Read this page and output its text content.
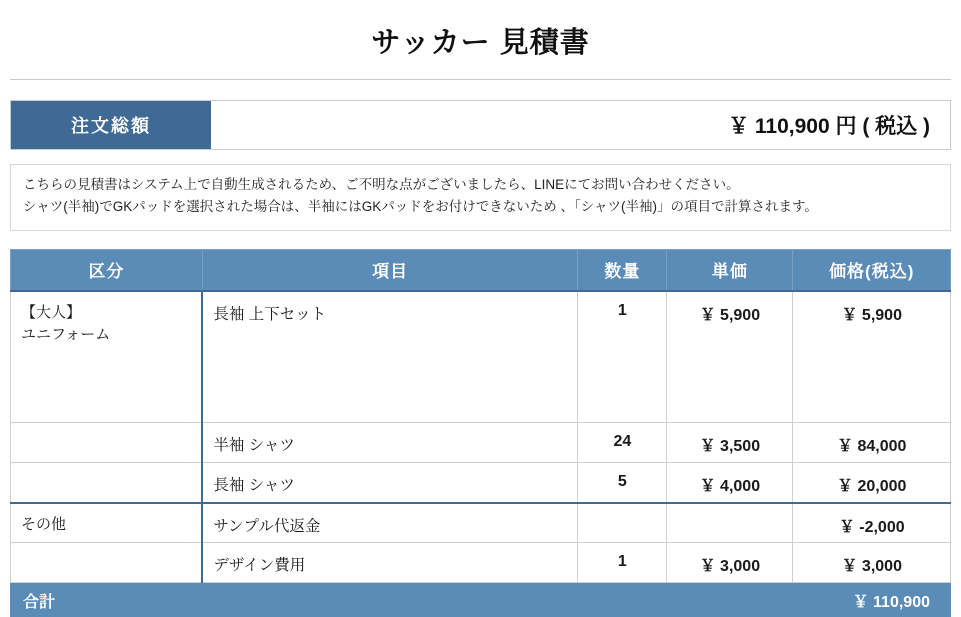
サッカー 見積書
注文総額	￥ 110,900 円 ( 税込 )
こちらの見積書はシステム上で自動生成されるため、ご不明な点がございましたら、LINEにてお問い合わせください。
シャツ(半袖)でGKパッドを選択された場合は、半袖にはGKパッドをお付けできないため 、「シャツ(半袖)」の項目で計算されます。
区分	項目	数量	単価	価格(税込)
【大人】
ユニフォーム	長袖 上下セット	1	￥ 5,900	￥ 5,900
	半袖 シャツ	24	￥ 3,500	￥ 84,000
	長袖 シャツ	5	￥ 4,000	￥ 20,000
その他	サンプル代返金			￥ -2,000
	デザイン費用	1	￥ 3,000	￥ 3,000
合計	￥ 110,900
